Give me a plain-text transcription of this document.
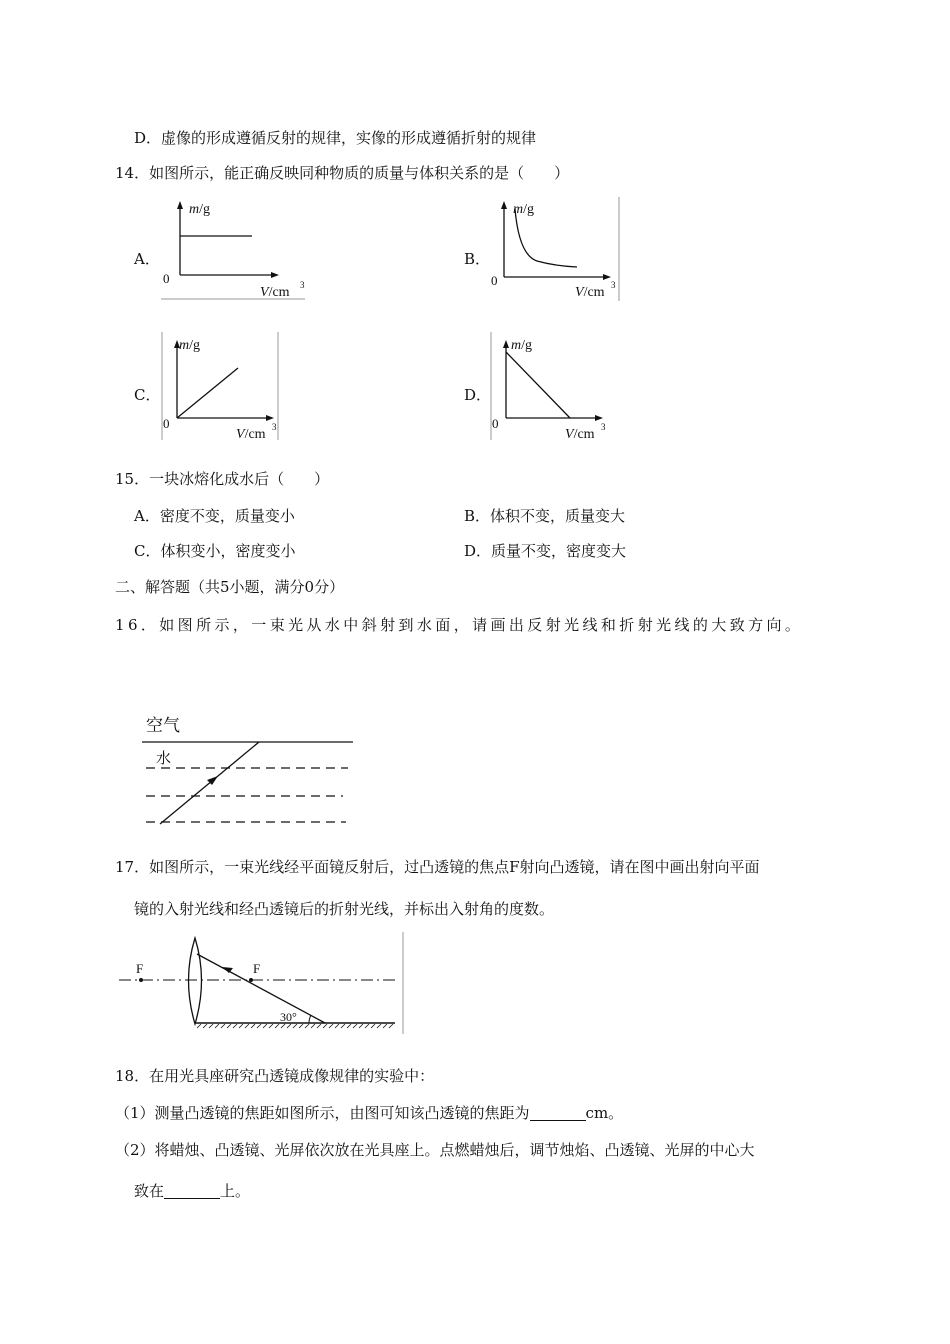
D．虚像的形成遵循反射的规律，实像的形成遵循折射的规律
14．如图所示，能正确反映同种物质的质量与体积关系的是（　　）
A．
m/g
0
V/cm 3
B．
m/g
0
V/cm 3
C．
m/g
0
V/cm 3
D．
m/g
0
V/cm 3
15．一块冰熔化成水后（　　）
A．密度不变，质量变小	B．体积不变，质量变大
C．体积变小，密度变小	D．质量不变，密度变大
二、解答题（共5小题，满分0分）
16．如图所示，一束光从水中斜射到水面，请画出反射光线和折射光线的大致方向。
空气
水
17．如图所示，一束光线经平面镜反射后，过凸透镜的焦点F射向凸透镜，请在图中画出射向平面
镜的入射光线和经凸透镜后的折射光线，并标出入射角的度数。
F	F
30°
18．在用光具座研究凸透镜成像规律的实验中：
（1）测量凸透镜的焦距如图所示，由图可知该凸透镜的焦距为	cm。
（2）将蜡烛、凸透镜、光屏依次放在光具座上。点燃蜡烛后，调节烛焰、凸透镜、光屏的中心大
致在	上。
